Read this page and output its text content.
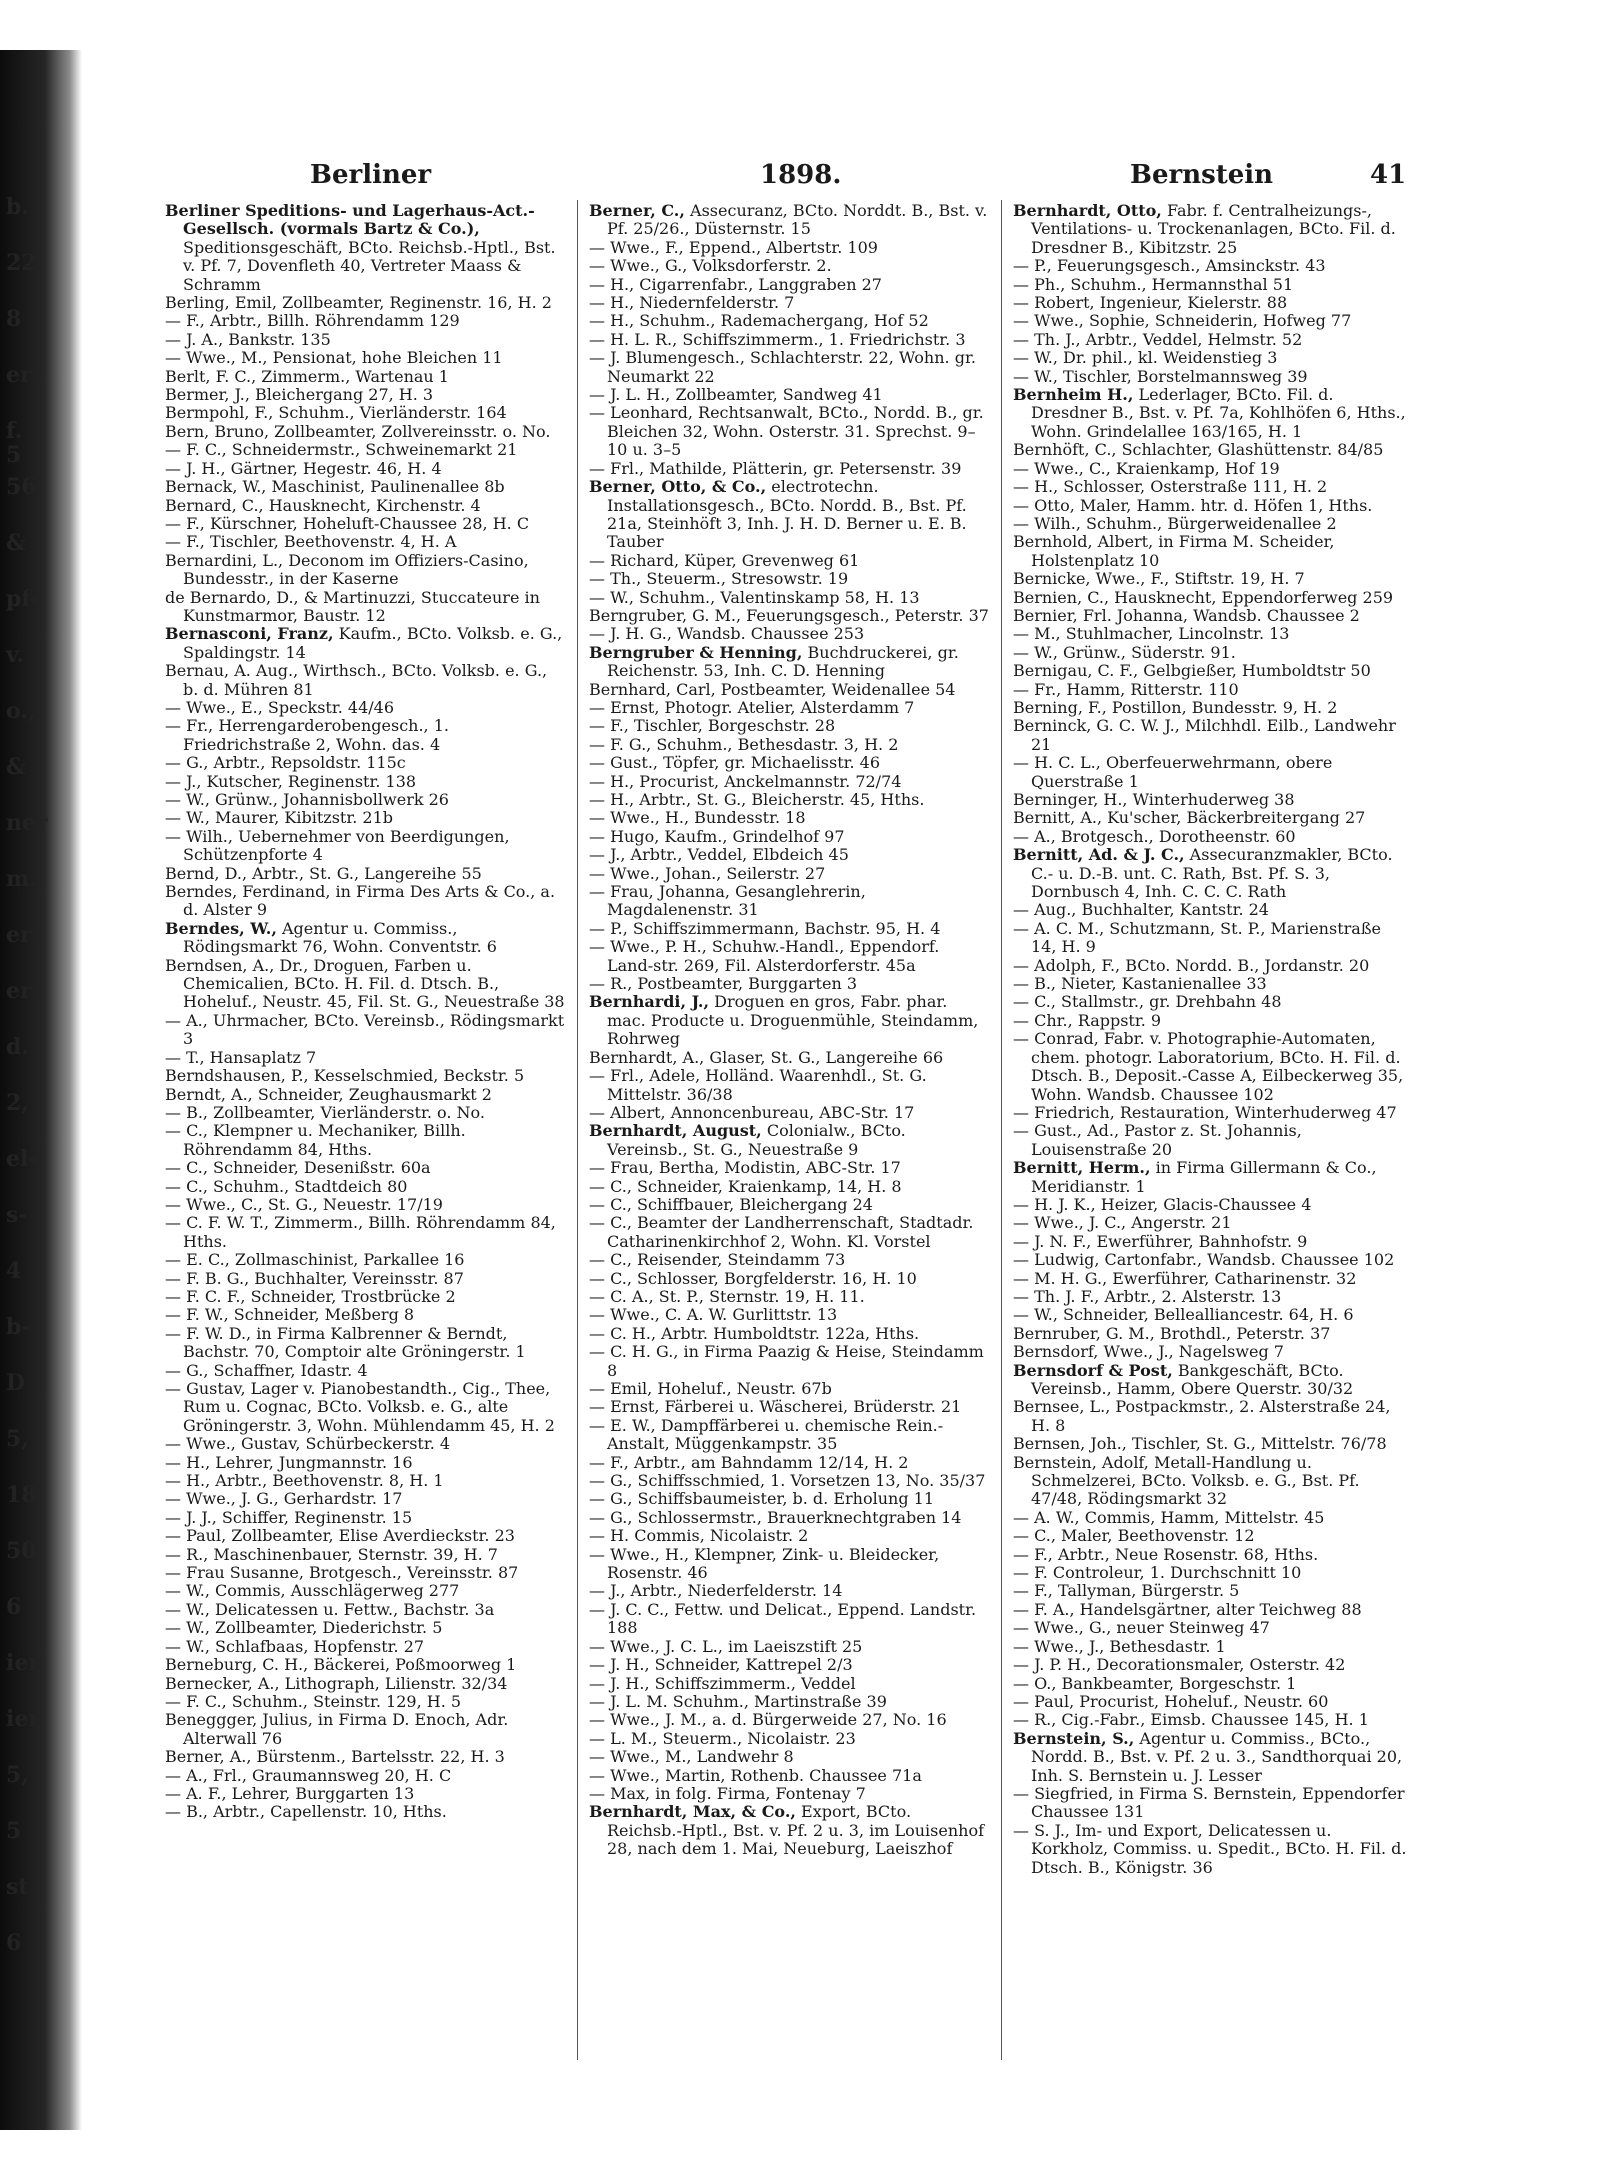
b.
22,
8
er-
f. 5
56,
&
pf-
v.
o.,
&
ner
m.
er-
er-
d.
2,
el-
s-
4
b-
D
5,
18
50
6
ier
ier
5,
5
st
6
Berliner	1898.	Bernstein	41
Berliner Speditions- und Lagerhaus-Act.-Gesellsch. (vormals Bartz & Co.), Speditionsgeschäft, BCto. Reichsb.-Hptl., Bst. v. Pf. 7, Dovenfleth 40, Vertreter Maass & Schramm
Berling, Emil, Zollbeamter, Reginenstr. 16, H. 2
— F., Arbtr., Billh. Röhrendamm 129
— J. A., Bankstr. 135
— Wwe., M., Pensionat, hohe Bleichen 11
Berlt, F. C., Zimmerm., Wartenau 1
Bermer, J., Bleichergang 27, H. 3
Bermpohl, F., Schuhm., Vierländerstr. 164
Bern, Bruno, Zollbeamter, Zollvereinsstr. o. No.
— F. C., Schneidermstr., Schweinemarkt 21
— J. H., Gärtner, Hegestr. 46, H. 4
Bernack, W., Maschinist, Paulinenallee 8b
Bernard, C., Hausknecht, Kirchenstr. 4
— F., Kürschner, Hoheluft-Chaussee 28, H. C
— F., Tischler, Beethovenstr. 4, H. A
Bernardini, L., Deconom im Offiziers-Casino, Bundesstr., in der Kaserne
de Bernardo, D., & Martinuzzi, Stuccateure in Kunstmarmor, Baustr. 12
Bernasconi, Franz, Kaufm., BCto. Volksb. e. G., Spaldingstr. 14
Bernau, A. Aug., Wirthsch., BCto. Volksb. e. G., b. d. Mühren 81
— Wwe., E., Speckstr. 44/46
— Fr., Herrengarderobengesch., 1. Friedrichstraße 2, Wohn. das. 4
— G., Arbtr., Repsoldstr. 115c
— J., Kutscher, Reginenstr. 138
— W., Grünw., Johannisbollwerk 26
— W., Maurer, Kibitzstr. 21b
— Wilh., Uebernehmer von Beerdigungen, Schützenpforte 4
Bernd, D., Arbtr., St. G., Langereihe 55
Berndes, Ferdinand, in Firma Des Arts & Co., a. d. Alster 9
Berndes, W., Agentur u. Commiss., Rödingsmarkt 76, Wohn. Conventstr. 6
Berndsen, A., Dr., Droguen, Farben u. Chemicalien, BCto. H. Fil. d. Dtsch. B., Hoheluf., Neustr. 45, Fil. St. G., Neuestraße 38
— A., Uhrmacher, BCto. Vereinsb., Rödingsmarkt 3
— T., Hansaplatz 7
Berndshausen, P., Kesselschmied, Beckstr. 5
Berndt, A., Schneider, Zeughausmarkt 2
— B., Zollbeamter, Vierländerstr. o. No.
— C., Klempner u. Mechaniker, Billh. Röhrendamm 84, Hths.
— C., Schneider, Desenißstr. 60a
— C., Schuhm., Stadtdeich 80
— Wwe., C., St. G., Neuestr. 17/19
— C. F. W. T., Zimmerm., Billh. Röhrendamm 84, Hths.
— E. C., Zollmaschinist, Parkallee 16
— F. B. G., Buchhalter, Vereinsstr. 87
— F. C. F., Schneider, Trostbrücke 2
— F. W., Schneider, Meßberg 8
— F. W. D., in Firma Kalbrenner & Berndt, Bachstr. 70, Comptoir alte Gröningerstr. 1
— G., Schaffner, Idastr. 4
— Gustav, Lager v. Pianobestandth., Cig., Thee, Rum u. Cognac, BCto. Volksb. e. G., alte Gröningerstr. 3, Wohn. Mühlendamm 45, H. 2
— Wwe., Gustav, Schürbeckerstr. 4
— H., Lehrer, Jungmannstr. 16
— H., Arbtr., Beethovenstr. 8, H. 1
— Wwe., J. G., Gerhardstr. 17
— J. J., Schiffer, Reginenstr. 15
— Paul, Zollbeamter, Elise Averdieckstr. 23
— R., Maschinenbauer, Sternstr. 39, H. 7
— Frau Susanne, Brotgesch., Vereinsstr. 87
— W., Commis, Ausschlägerweg 277
— W., Delicatessen u. Fettw., Bachstr. 3a
— W., Zollbeamter, Diederichstr. 5
— W., Schlafbaas, Hopfenstr. 27
Berneburg, C. H., Bäckerei, Poßmoorweg 1
Bernecker, A., Lithograph, Lilienstr. 32/34
— F. C., Schuhm., Steinstr. 129, H. 5
Beneggger, Julius, in Firma D. Enoch, Adr. Alterwall 76
Berner, A., Bürstenm., Bartelsstr. 22, H. 3
— A., Frl., Graumannsweg 20, H. C
— A. F., Lehrer, Burggarten 13
— B., Arbtr., Capellenstr. 10, Hths.
Berner, C., Assecuranz, BCto. Norddt. B., Bst. v. Pf. 25/26., Düsternstr. 15
— Wwe., F., Eppend., Albertstr. 109
— Wwe., G., Volksdorferstr. 2.
— H., Cigarrenfabr., Langgraben 27
— H., Niedernfelderstr. 7
— H., Schuhm., Rademachergang, Hof 52
— H. L. R., Schiffszimmerm., 1. Friedrichstr. 3
— J. Blumengesch., Schlachterstr. 22, Wohn. gr. Neumarkt 22
— J. L. H., Zollbeamter, Sandweg 41
— Leonhard, Rechtsanwalt, BCto., Nordd. B., gr. Bleichen 32, Wohn. Osterstr. 31. Sprechst. 9–10 u. 3–5
— Frl., Mathilde, Plätterin, gr. Petersenstr. 39
Berner, Otto, & Co., electrotechn. Installationsgesch., BCto. Nordd. B., Bst. Pf. 21a, Steinhöft 3, Inh. J. H. D. Berner u. E. B. Tauber
— Richard, Küper, Grevenweg 61
— Th., Steuerm., Stresowstr. 19
— W., Schuhm., Valentinskamp 58, H. 13
Berngruber, G. M., Feuerungsgesch., Peterstr. 37
— J. H. G., Wandsb. Chaussee 253
Berngruber & Henning, Buchdruckerei, gr. Reichenstr. 53, Inh. C. D. Henning
Bernhard, Carl, Postbeamter, Weidenallee 54
— Ernst, Photogr. Atelier, Alsterdamm 7
— F., Tischler, Borgeschstr. 28
— F. G., Schuhm., Bethesdastr. 3, H. 2
— Gust., Töpfer, gr. Michaelisstr. 46
— H., Procurist, Anckelmannstr. 72/74
— H., Arbtr., St. G., Bleicherstr. 45, Hths.
— Wwe., H., Bundesstr. 18
— Hugo, Kaufm., Grindelhof 97
— J., Arbtr., Veddel, Elbdeich 45
— Wwe., Johan., Seilerstr. 27
— Frau, Johanna, Gesanglehrerin, Magdalenenstr. 31
— P., Schiffszimmermann, Bachstr. 95, H. 4
— Wwe., P. H., Schuhw.-Handl., Eppendorf. Land-str. 269, Fil. Alsterdorferstr. 45a
— R., Postbeamter, Burggarten 3
Bernhardi, J., Droguen en gros, Fabr. phar. mac. Producte u. Droguenmühle, Steindamm, Rohrweg
Bernhardt, A., Glaser, St. G., Langereihe 66
— Frl., Adele, Holländ. Waarenhdl., St. G. Mittelstr. 36/38
— Albert, Annoncenbureau, ABC-Str. 17
Bernhardt, August, Colonialw., BCto. Vereinsb., St. G., Neuestraße 9
— Frau, Bertha, Modistin, ABC-Str. 17
— C., Schneider, Kraienkamp, 14, H. 8
— C., Schiffbauer, Bleichergang 24
— C., Beamter der Landherrenschaft, Stadtadr. Catharinenkirchhof 2, Wohn. Kl. Vorstel
— C., Reisender, Steindamm 73
— C., Schlosser, Borgfelderstr. 16, H. 10
— C. A., St. P., Sternstr. 19, H. 11.
— Wwe., C. A. W. Gurlittstr. 13
— C. H., Arbtr. Humboldtstr. 122a, Hths.
— C. H. G., in Firma Paazig & Heise, Steindamm 8
— Emil, Hoheluf., Neustr. 67b
— Ernst, Färberei u. Wäscherei, Brüderstr. 21
— E. W., Dampffärberei u. chemische Rein.-Anstalt, Müggenkampstr. 35
— F., Arbtr., am Bahndamm 12/14, H. 2
— G., Schiffsschmied, 1. Vorsetzen 13, No. 35/37
— G., Schiffsbaumeister, b. d. Erholung 11
— G., Schlossermstr., Brauerknechtgraben 14
— H. Commis, Nicolaistr. 2
— Wwe., H., Klempner, Zink- u. Bleidecker, Rosenstr. 46
— J., Arbtr., Niederfelderstr. 14
— J. C. C., Fettw. und Delicat., Eppend. Landstr. 188
— Wwe., J. C. L., im Laeiszstift 25
— J. H., Schneider, Kattrepel 2/3
— J. H., Schiffszimmerm., Veddel
— J. L. M. Schuhm., Martinstraße 39
— Wwe., J. M., a. d. Bürgerweide 27, No. 16
— L. M., Steuerm., Nicolaistr. 23
— Wwe., M., Landwehr 8
— Wwe., Martin, Rothenb. Chaussee 71a
— Max, in folg. Firma, Fontenay 7
Bernhardt, Max, & Co., Export, BCto. Reichsb.-Hptl., Bst. v. Pf. 2 u. 3, im Louisenhof 28, nach dem 1. Mai, Neueburg, Laeiszhof
Bernhardt, Otto, Fabr. f. Centralheizungs-, Ventilations- u. Trockenanlagen, BCto. Fil. d. Dresdner B., Kibitzstr. 25
— P., Feuerungsgesch., Amsinckstr. 43
— Ph., Schuhm., Hermannsthal 51
— Robert, Ingenieur, Kielerstr. 88
— Wwe., Sophie, Schneiderin, Hofweg 77
— Th. J., Arbtr., Veddel, Helmstr. 52
— W., Dr. phil., kl. Weidenstieg 3
— W., Tischler, Borstelmannsweg 39
Bernheim H., Lederlager, BCto. Fil. d. Dresdner B., Bst. v. Pf. 7a, Kohlhöfen 6, Hths., Wohn. Grindelallee 163/165, H. 1
Bernhöft, C., Schlachter, Glashüttenstr. 84/85
— Wwe., C., Kraienkamp, Hof 19
— H., Schlosser, Osterstraße 111, H. 2
— Otto, Maler, Hamm. htr. d. Höfen 1, Hths.
— Wilh., Schuhm., Bürgerweidenallee 2
Bernhold, Albert, in Firma M. Scheider, Holstenplatz 10
Bernicke, Wwe., F., Stiftstr. 19, H. 7
Bernien, C., Hausknecht, Eppendorferweg 259
Bernier, Frl. Johanna, Wandsb. Chaussee 2
— M., Stuhlmacher, Lincolnstr. 13
— W., Grünw., Süderstr. 91.
Bernigau, C. F., Gelbgießer, Humboldtstr 50
— Fr., Hamm, Ritterstr. 110
Berning, F., Postillon, Bundesstr. 9, H. 2
Berninck, G. C. W. J., Milchhdl. Eilb., Landwehr 21
— H. C. L., Oberfeuerwehrmann, obere Querstraße 1
Berninger, H., Winterhuderweg 38
Bernitt, A., Ku'scher, Bäckerbreitergang 27
— A., Brotgesch., Dorotheenstr. 60
Bernitt, Ad. & J. C., Assecuranzmakler, BCto. C.- u. D.-B. unt. C. Rath, Bst. Pf. S. 3, Dornbusch 4, Inh. C. C. C. Rath
— Aug., Buchhalter, Kantstr. 24
— A. C. M., Schutzmann, St. P., Marienstraße 14, H. 9
— Adolph, F., BCto. Nordd. B., Jordanstr. 20
— B., Nieter, Kastanienallee 33
— C., Stallmstr., gr. Drehbahn 48
— Chr., Rappstr. 9
— Conrad, Fabr. v. Photographie-Automaten, chem. photogr. Laboratorium, BCto. H. Fil. d. Dtsch. B., Deposit.-Casse A, Eilbeckerweg 35, Wohn. Wandsb. Chaussee 102
— Friedrich, Restauration, Winterhuderweg 47
— Gust., Ad., Pastor z. St. Johannis, Louisenstraße 20
Bernitt, Herm., in Firma Gillermann & Co., Meridianstr. 1
— H. J. K., Heizer, Glacis-Chaussee 4
— Wwe., J. C., Angerstr. 21
— J. N. F., Ewerführer, Bahnhofstr. 9
— Ludwig, Cartonfabr., Wandsb. Chaussee 102
— M. H. G., Ewerführer, Catharinenstr. 32
— Th. J. F., Arbtr., 2. Alsterstr. 13
— W., Schneider, Bellealliancestr. 64, H. 6
Bernruber, G. M., Brothdl., Peterstr. 37
Bernsdorf, Wwe., J., Nagelsweg 7
Bernsdorf & Post, Bankgeschäft, BCto. Vereinsb., Hamm, Obere Querstr. 30/32
Bernsee, L., Postpackmstr., 2. Alsterstraße 24, H. 8
Bernsen, Joh., Tischler, St. G., Mittelstr. 76/78
Bernstein, Adolf, Metall-Handlung u. Schmelzerei, BCto. Volksb. e. G., Bst. Pf. 47/48, Rödingsmarkt 32
— A. W., Commis, Hamm, Mittelstr. 45
— C., Maler, Beethovenstr. 12
— F., Arbtr., Neue Rosenstr. 68, Hths.
— F. Controleur, 1. Durchschnitt 10
— F., Tallyman, Bürgerstr. 5
— F. A., Handelsgärtner, alter Teichweg 88
— Wwe., G., neuer Steinweg 47
— Wwe., J., Bethesdastr. 1
— J. P. H., Decorationsmaler, Osterstr. 42
— O., Bankbeamter, Borgeschstr. 1
— Paul, Procurist, Hoheluf., Neustr. 60
— R., Cig.-Fabr., Eimsb. Chaussee 145, H. 1
Bernstein, S., Agentur u. Commiss., BCto., Nordd. B., Bst. v. Pf. 2 u. 3., Sandthorquai 20, Inh. S. Bernstein u. J. Lesser
— Siegfried, in Firma S. Bernstein, Eppendorfer Chaussee 131
— S. J., Im- und Export, Delicatessen u. Korkholz, Commiss. u. Spedit., BCto. H. Fil. d. Dtsch. B., Königstr. 36
